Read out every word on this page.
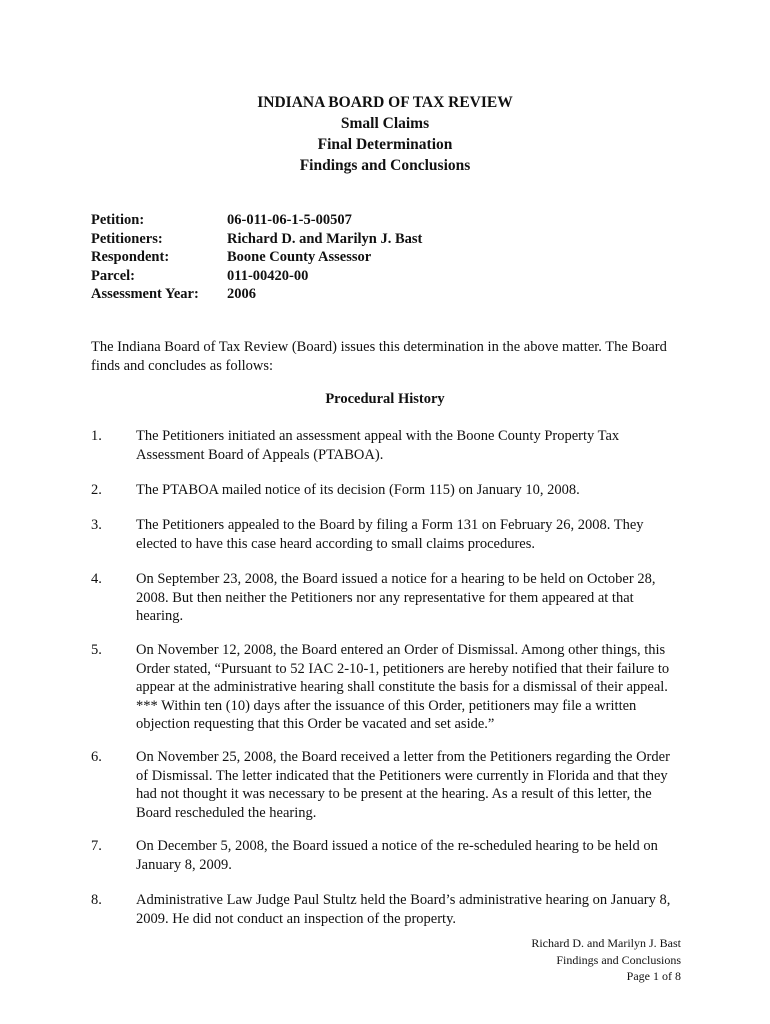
INDIANA BOARD OF TAX REVIEW
Small Claims
Final Determination
Findings and Conclusions
Petition:	06-011-06-1-5-00507
Petitioners:	Richard D. and Marilyn J. Bast
Respondent:	Boone County Assessor
Parcel:	011-00420-00
Assessment Year:	2006
The Indiana Board of Tax Review (Board) issues this determination in the above matter. The Board finds and concludes as follows:
Procedural History
1.	The Petitioners initiated an assessment appeal with the Boone County Property Tax Assessment Board of Appeals (PTABOA).
2.	The PTABOA mailed notice of its decision (Form 115) on January 10, 2008.
3.	The Petitioners appealed to the Board by filing a Form 131 on February 26, 2008. They elected to have this case heard according to small claims procedures.
4.	On September 23, 2008, the Board issued a notice for a hearing to be held on October 28, 2008. But then neither the Petitioners nor any representative for them appeared at that hearing.
5.	On November 12, 2008, the Board entered an Order of Dismissal. Among other things, this Order stated, “Pursuant to 52 IAC 2-10-1, petitioners are hereby notified that their failure to appear at the administrative hearing shall constitute the basis for a dismissal of their appeal. *** Within ten (10) days after the issuance of this Order, petitioners may file a written objection requesting that this Order be vacated and set aside.”
6.	On November 25, 2008, the Board received a letter from the Petitioners regarding the Order of Dismissal. The letter indicated that the Petitioners were currently in Florida and that they had not thought it was necessary to be present at the hearing. As a result of this letter, the Board rescheduled the hearing.
7.	On December 5, 2008, the Board issued a notice of the re-scheduled hearing to be held on January 8, 2009.
8.	Administrative Law Judge Paul Stultz held the Board’s administrative hearing on January 8, 2009. He did not conduct an inspection of the property.
Richard D. and Marilyn J. Bast
Findings and Conclusions
Page 1 of 8
